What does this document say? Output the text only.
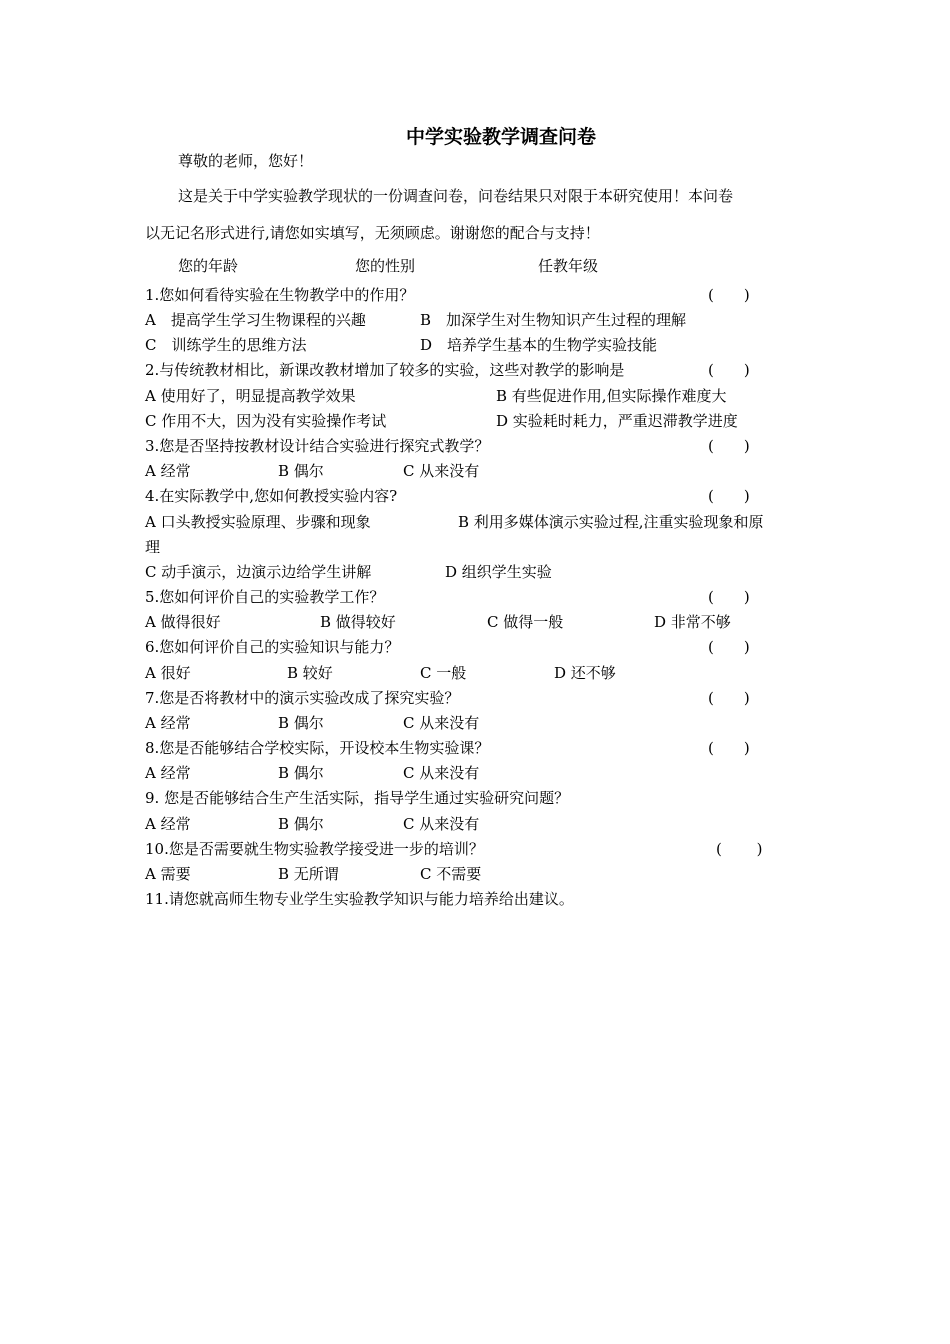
中学实验教学调查问卷
尊敬的老师，您好！
这是关于中学实验教学现状的一份调查问卷，问卷结果只对限于本研究使用！本问卷
以无记名形式进行,请您如实填写，无须顾虑。谢谢您的配合与支持！
您的年龄	您的性别	任教年级
1.您如何看待实验在生物教学中的作用？	(　　)
A　提高学生学习生物课程的兴趣	B　加深学生对生物知识产生过程的理解
C　训练学生的思维方法	D　培养学生基本的生物学实验技能
2.与传统教材相比，新课改教材增加了较多的实验，这些对教学的影响是	(　　)
A 使用好了，明显提高教学效果	B 有些促进作用,但实际操作难度大
C 作用不大，因为没有实验操作考试	D 实验耗时耗力，严重迟滞教学进度
3.您是否坚持按教材设计结合实验进行探究式教学？	(　　)
A 经常	B 偶尔	C 从来没有
4.在实际教学中,您如何教授实验内容?	(　　)
A 口头教授实验原理、步骤和现象	B 利用多媒体演示实验过程,注重实验现象和原
理
C 动手演示，边演示边给学生讲解	D 组织学生实验
5.您如何评价自己的实验教学工作？	(　　)
A 做得很好	B 做得较好	C 做得一般	D 非常不够
6.您如何评价自己的实验知识与能力？	(　　)
A 很好	B 较好	C 一般	D 还不够
7.您是否将教材中的演示实验改成了探究实验？	(　　)
A 经常	B 偶尔	C 从来没有
8.您是否能够结合学校实际，开设校本生物实验课？	(　　)
A 经常	B 偶尔	C 从来没有
9. 您是否能够结合生产生活实际，指导学生通过实验研究问题？
A 经常	B 偶尔	C 从来没有
10.您是否需要就生物实验教学接受进一步的培训？	(　　 )
A 需要	B 无所谓	C 不需要
11.请您就高师生物专业学生实验教学知识与能力培养给出建议。
